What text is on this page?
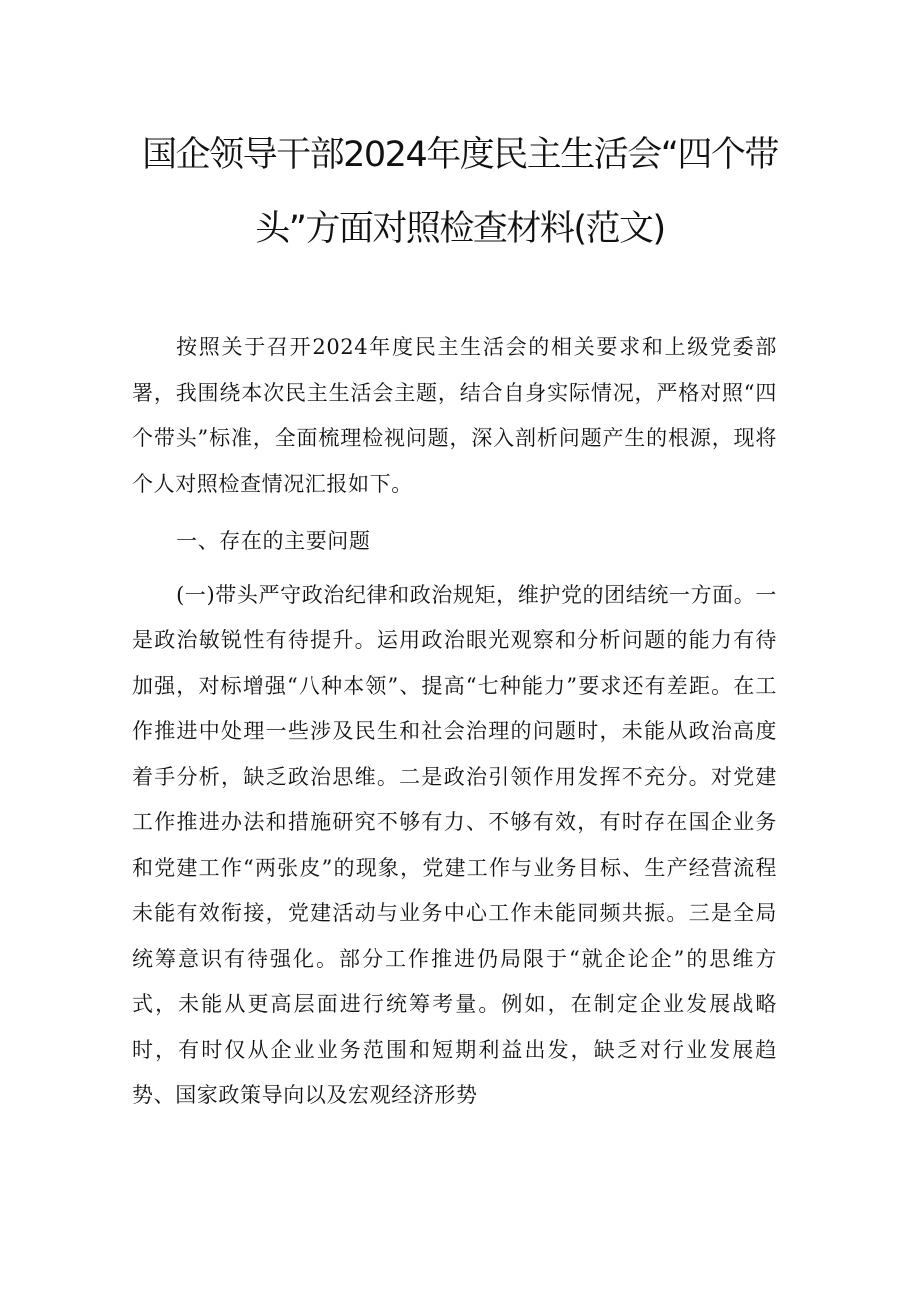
国企领导干部2024年度民主生活会“四个带
头”方面对照检查材料(范文)

按照关于召开2024年度民主生活会的相关要求和上级党委部署，我围绕本次民主生活会主题，结合自身实际情况，严格对照“四个带头”标准，全面梳理检视问题，深入剖析问题产生的根源，现将个人对照检查情况汇报如下。

一、存在的主要问题

(一)带头严守政治纪律和政治规矩，维护党的团结统一方面。一是政治敏锐性有待提升。运用政治眼光观察和分析问题的能力有待加强，对标增强“八种本领”、提高“七种能力”要求还有差距。在工作推进中处理一些涉及民生和社会治理的问题时，未能从政治高度着手分析，缺乏政治思维。二是政治引领作用发挥不充分。对党建工作推进办法和措施研究不够有力、不够有效，有时存在国企业务和党建工作“两张皮”的现象，党建工作与业务目标、生产经营流程未能有效衔接，党建活动与业务中心工作未能同频共振。三是全局统筹意识有待强化。部分工作推进仍局限于“就企论企”的思维方式，未能从更高层面进行统筹考量。例如，在制定企业发展战略时，有时仅从企业业务范围和短期利益出发，缺乏对行业发展趋势、国家政策导向以及宏观经济形势
